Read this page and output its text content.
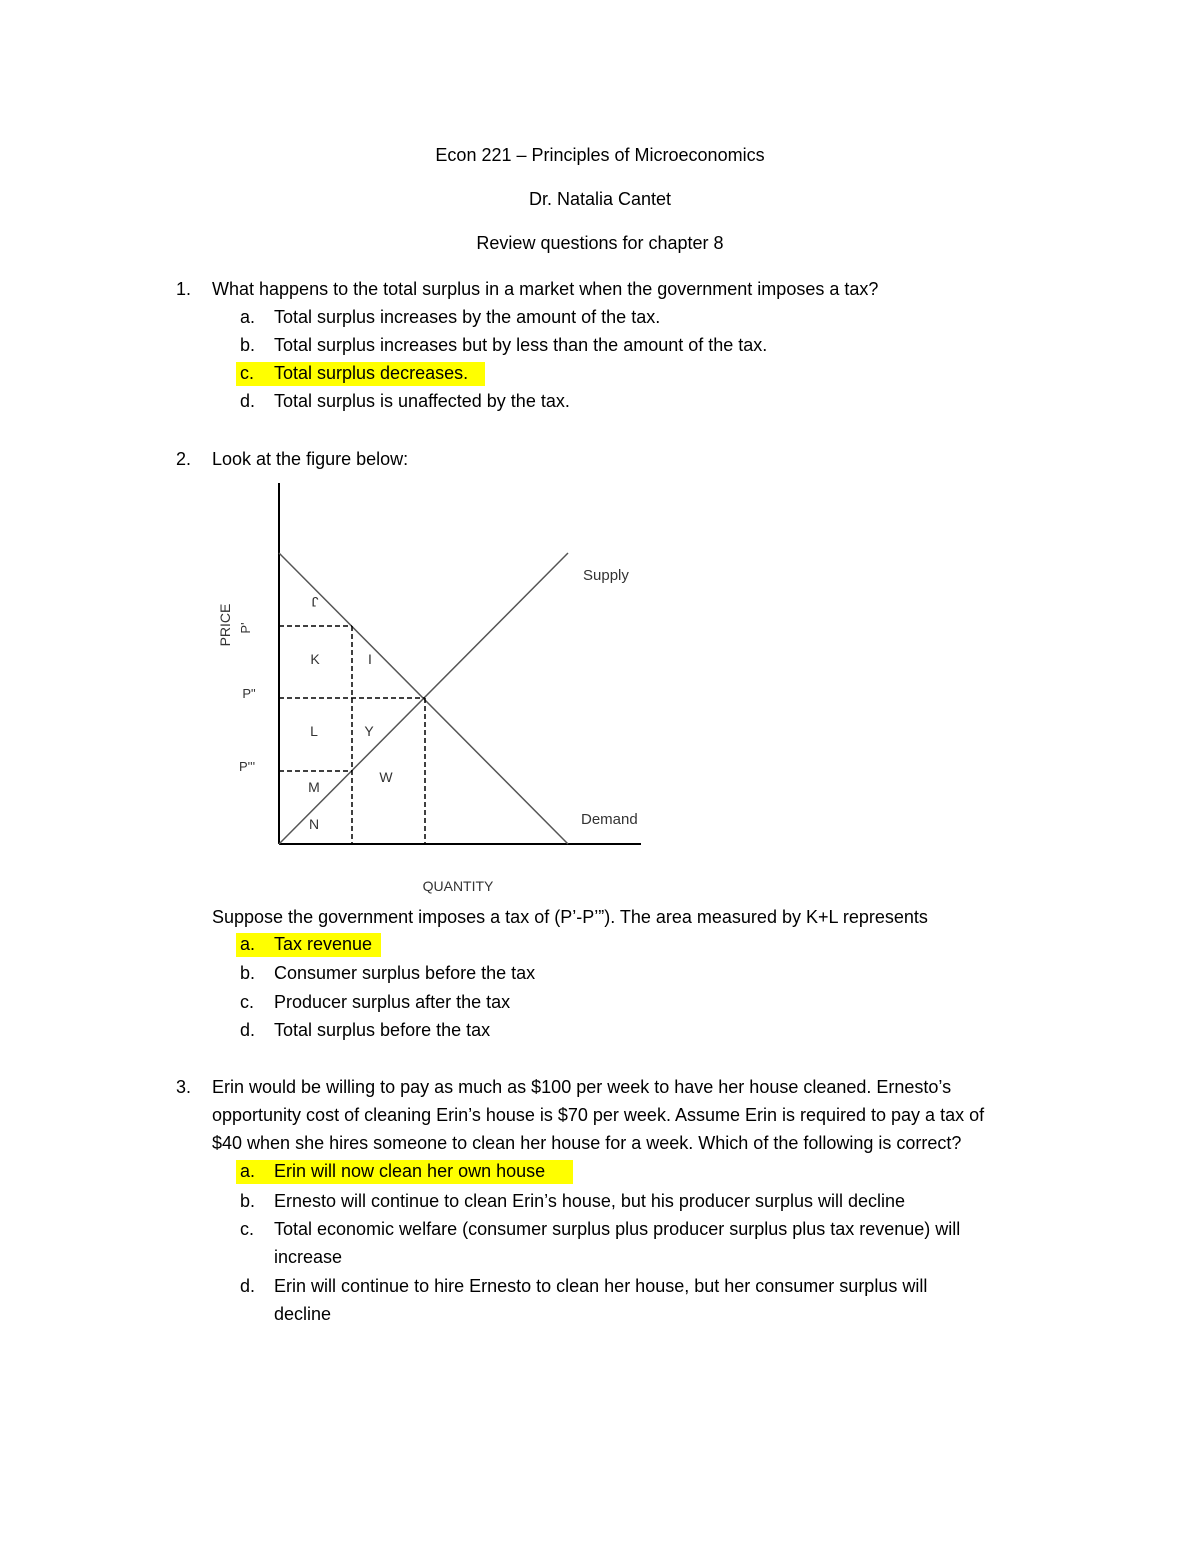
Econ 221 – Principles of Microeconomics
Dr. Natalia Cantet
Review questions for chapter 8
1. What happens to the total surplus in a market when the government imposes a tax?
a. Total surplus increases by the amount of the tax.
b. Total surplus increases but by less than the amount of the tax.
c. Total surplus decreases.
d. Total surplus is unaffected by the tax.
2. Look at the figure below:
PRICE
QUANTITY
P'
P"
P'''
Supply
Demand
J
K	I
L	Y
W
M
N
Suppose the government imposes a tax of (P’-P’”). The area measured by K+L represents
a. Tax revenue
b. Consumer surplus before the tax
c. Producer surplus after the tax
d. Total surplus before the tax
3. Erin would be willing to pay as much as $100 per week to have her house cleaned. Ernesto’s
opportunity cost of cleaning Erin’s house is $70 per week. Assume Erin is required to pay a tax of
$40 when she hires someone to clean her house for a week. Which of the following is correct?
a. Erin will now clean her own house
b. Ernesto will continue to clean Erin’s house, but his producer surplus will decline
c. Total economic welfare (consumer surplus plus producer surplus plus tax revenue) will
increase
d. Erin will continue to hire Ernesto to clean her house, but her consumer surplus will
decline
